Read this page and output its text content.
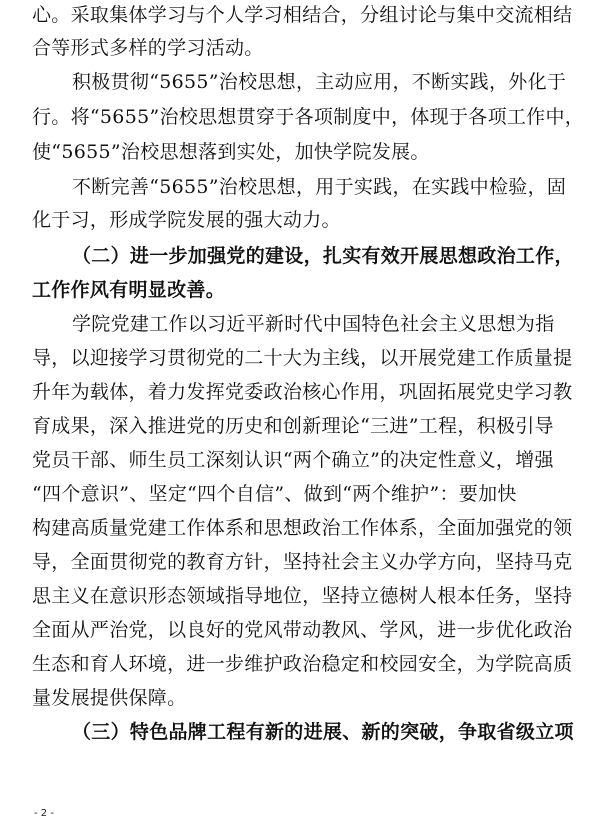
心。采取集体学习与个人学习相结合，分组讨论与集中交流相结
合等形式多样的学习活动。
积极贯彻“5655”治校思想，主动应用，不断实践，外化于
行。将“5655”治校思想贯穿于各项制度中，体现于各项工作中，
使“5655”治校思想落到实处，加快学院发展。
不断完善“5655”治校思想，用于实践，在实践中检验，固
化于习，形成学院发展的强大动力。
（二）进一步加强党的建设，扎实有效开展思想政治工作，
工作作风有明显改善。
学院党建工作以习近平新时代中国特色社会主义思想为指
导，以迎接学习贯彻党的二十大为主线，以开展党建工作质量提
升年为载体，着力发挥党委政治核心作用，巩固拓展党史学习教
育成果，深入推进党的历史和创新理论“三进”工程，积极引导
党员干部、师生员工深刻认识“两个确立”的决定性意义，增强
“四个意识”、坚定“四个自信”、做到“两个维护”：要加快
构建高质量党建工作体系和思想政治工作体系，全面加强党的领
导，全面贯彻党的教育方针，坚持社会主义办学方向，坚持马克
思主义在意识形态领域指导地位，坚持立德树人根本任务，坚持
全面从严治党，以良好的党风带动教风、学风，进一步优化政治
生态和育人环境，进一步维护政治稳定和校园安全，为学院高质
量发展提供保障。
（三）特色品牌工程有新的进展、新的突破，争取省级立项
- 2 -
